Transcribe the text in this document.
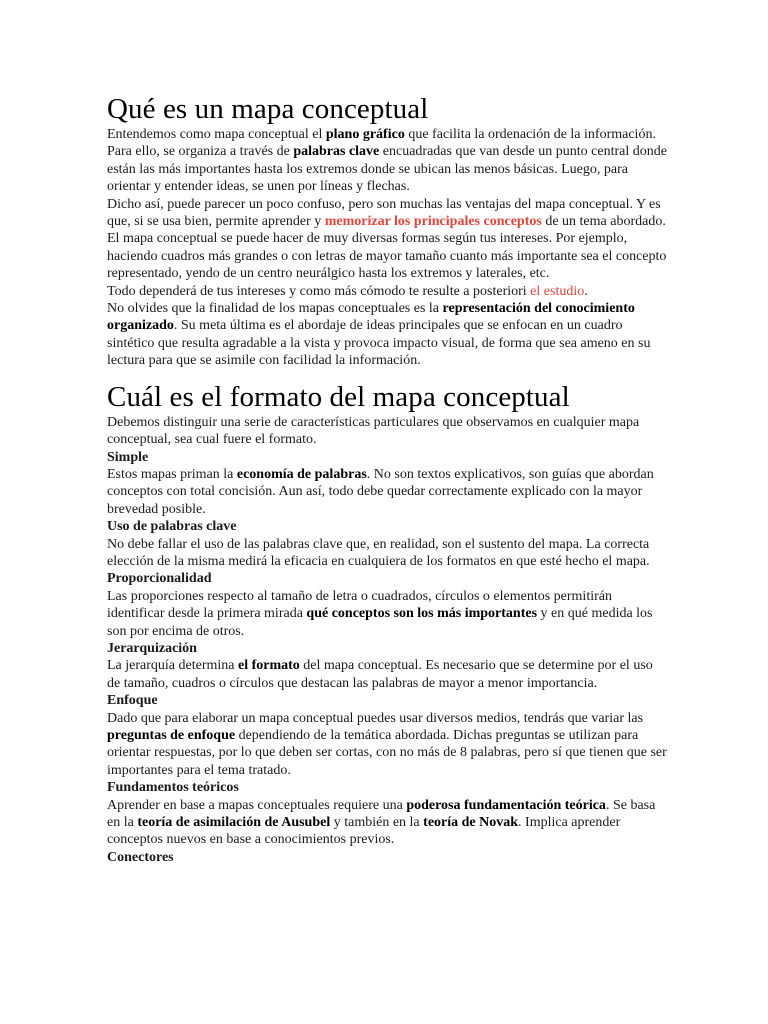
Qué es un mapa conceptual

Entendemos como mapa conceptual el plano gráfico que facilita la ordenación de la información. Para ello, se organiza a través de palabras clave encuadradas que van desde un punto central donde están las más importantes hasta los extremos donde se ubican las menos básicas. Luego, para orientar y entender ideas, se unen por líneas y flechas.

Dicho así, puede parecer un poco confuso, pero son muchas las ventajas del mapa conceptual. Y es que, si se usa bien, permite aprender y memorizar los principales conceptos de un tema abordado.

El mapa conceptual se puede hacer de muy diversas formas según tus intereses. Por ejemplo, haciendo cuadros más grandes o con letras de mayor tamaño cuanto más importante sea el concepto representado, yendo de un centro neurálgico hasta los extremos y laterales, etc.

Todo dependerá de tus intereses y como más cómodo te resulte a posteriori el estudio.

No olvides que la finalidad de los mapas conceptuales es la representación del conocimiento organizado. Su meta última es el abordaje de ideas principales que se enfocan en un cuadro sintético que resulta agradable a la vista y provoca impacto visual, de forma que sea ameno en su lectura para que se asimile con facilidad la información.

Cuál es el formato del mapa conceptual

Debemos distinguir una serie de características particulares que observamos en cualquier mapa conceptual, sea cual fuere el formato.

Simple

Estos mapas priman la economía de palabras. No son textos explicativos, son guías que abordan conceptos con total concisión. Aun así, todo debe quedar correctamente explicado con la mayor brevedad posible.

Uso de palabras clave

No debe fallar el uso de las palabras clave que, en realidad, son el sustento del mapa. La correcta elección de la misma medirá la eficacia en cualquiera de los formatos en que esté hecho el mapa.

Proporcionalidad

Las proporciones respecto al tamaño de letra o cuadrados, círculos o elementos permitirán identificar desde la primera mirada qué conceptos son los más importantes y en qué medida los son por encima de otros.

Jerarquización

La jerarquía determina el formato del mapa conceptual. Es necesario que se determine por el uso de tamaño, cuadros o círculos que destacan las palabras de mayor a menor importancia.

Enfoque

Dado que para elaborar un mapa conceptual puedes usar diversos medios, tendrás que variar las preguntas de enfoque dependiendo de la temática abordada. Dichas preguntas se utilizan para orientar respuestas, por lo que deben ser cortas, con no más de 8 palabras, pero sí que tienen que ser importantes para el tema tratado.

Fundamentos teóricos

Aprender en base a mapas conceptuales requiere una poderosa fundamentación teórica. Se basa en la teoría de asimilación de Ausubel y también en la teoría de Novak. Implica aprender conceptos nuevos en base a conocimientos previos.

Conectores
